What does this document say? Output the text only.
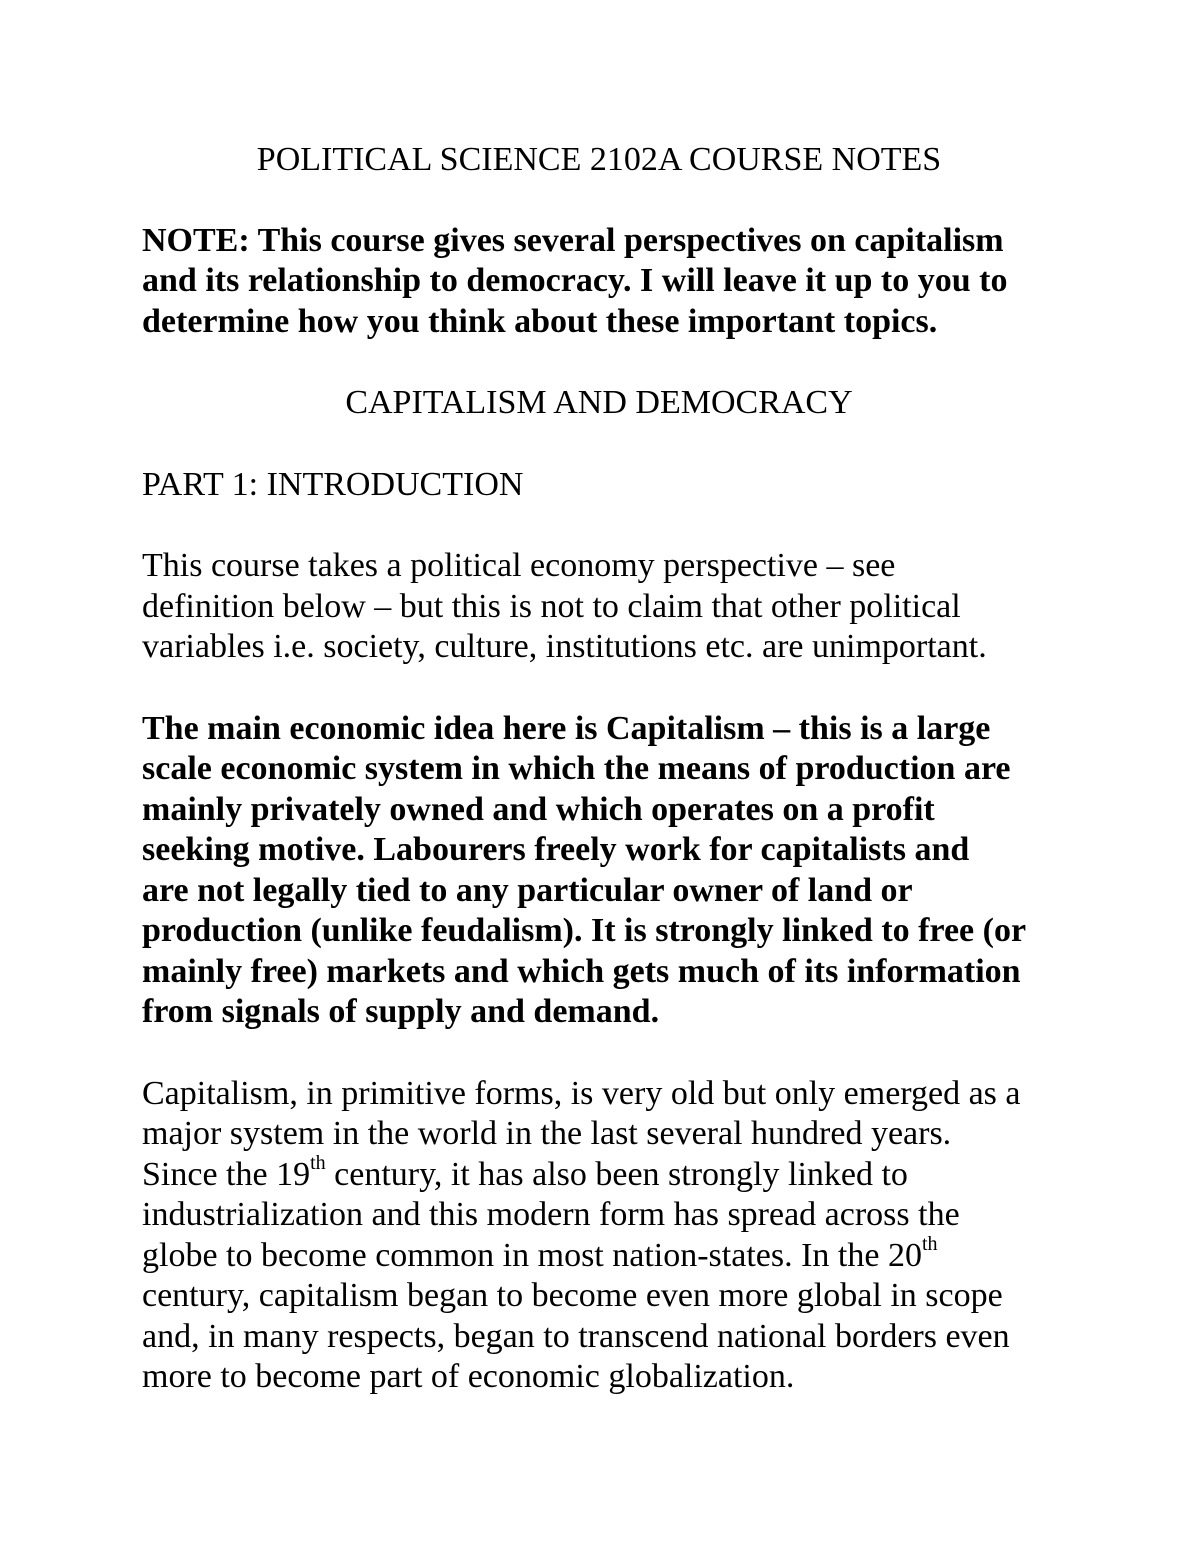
POLITICAL SCIENCE 2102A COURSE NOTES
NOTE: This course gives several perspectives on capitalism
and its relationship to democracy. I will leave it up to you to
determine how you think about these important topics.
CAPITALISM AND DEMOCRACY
PART 1: INTRODUCTION
This course takes a political economy perspective – see
definition below – but this is not to claim that other political
variables i.e. society, culture, institutions etc. are unimportant.
The main economic idea here is Capitalism – this is a large
scale economic system in which the means of production are
mainly privately owned and which operates on a profit
seeking motive. Labourers freely work for capitalists and
are not legally tied to any particular owner of land or
production (unlike feudalism). It is strongly linked to free (or
mainly free) markets and which gets much of its information
from signals of supply and demand.
Capitalism, in primitive forms, is very old but only emerged as a
major system in the world in the last several hundred years.
Since the 19th century, it has also been strongly linked to
industrialization and this modern form has spread across the
globe to become common in most nation-states. In the 20th
century, capitalism began to become even more global in scope
and, in many respects, began to transcend national borders even
more to become part of economic globalization.
